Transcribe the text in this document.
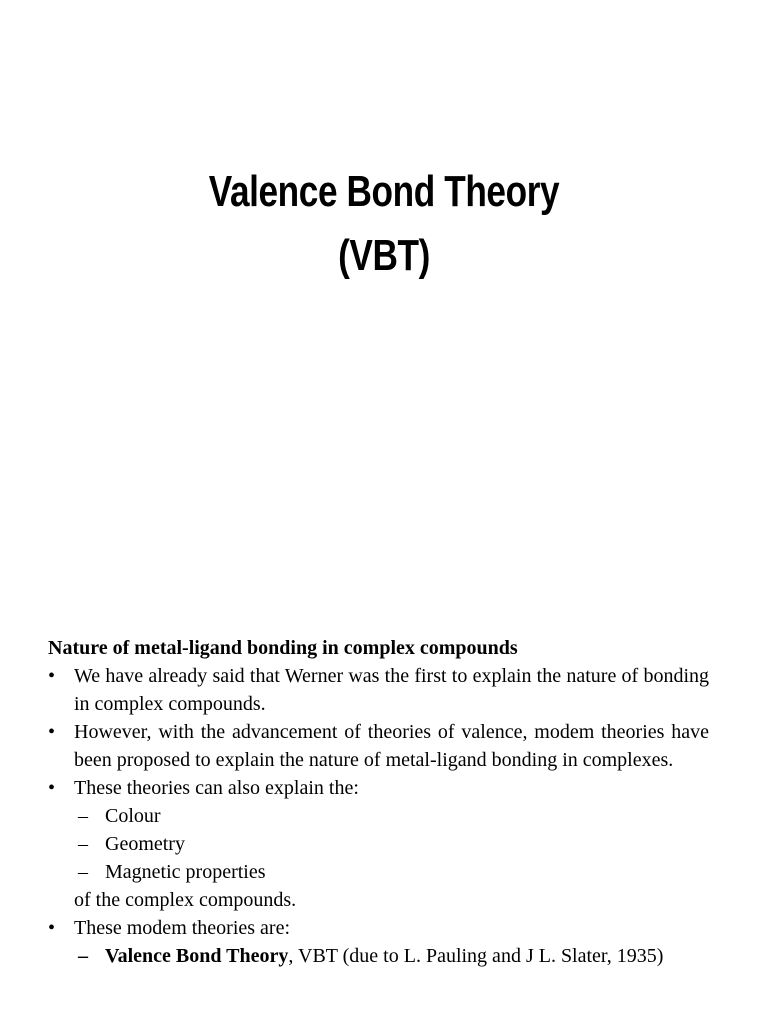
Valence Bond Theory
(VBT)

Nature of metal-ligand bonding in complex compounds

• We have already said that Werner was the first to explain the nature of bonding in complex compounds.
• However, with the advancement of theories of valence, modem theories have been proposed to explain the nature of metal-ligand bonding in complexes.
• These theories can also explain the:
– Colour
– Geometry
– Magnetic properties
of the complex compounds.
• These modem theories are:
– Valence Bond Theory, VBT (due to L. Pauling and J L. Slater, 1935)
